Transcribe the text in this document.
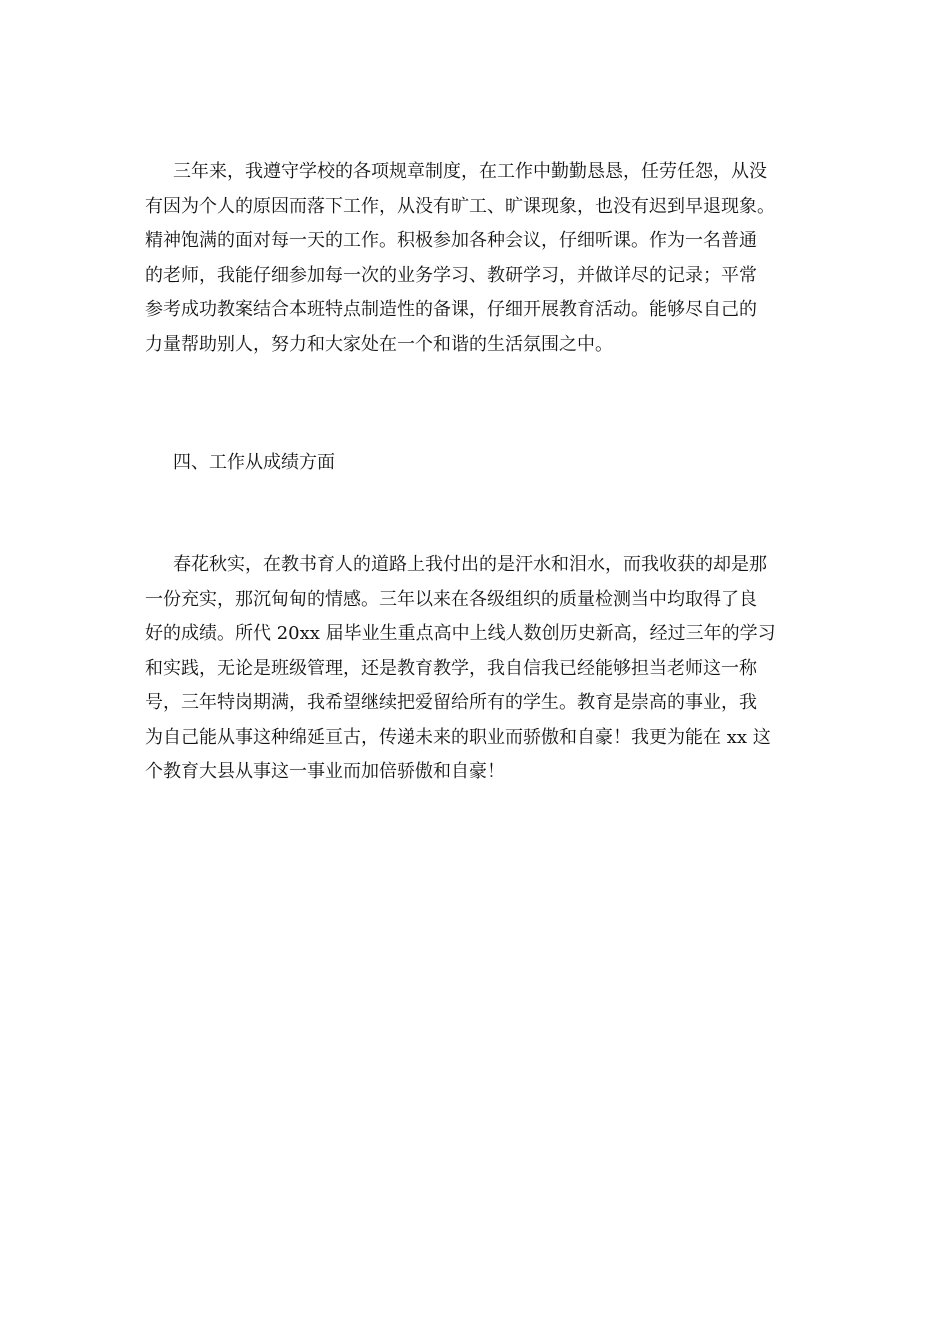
三年来，我遵守学校的各项规章制度，在工作中勤勤恳恳，任劳任怨，从没
有因为个人的原因而落下工作，从没有旷工、旷课现象，也没有迟到早退现象。
精神饱满的面对每一天的工作。积极参加各种会议，仔细听课。作为一名普通
的老师，我能仔细参加每一次的业务学习、教研学习，并做详尽的记录；平常
参考成功教案结合本班特点制造性的备课，仔细开展教育活动。能够尽自己的
力量帮助别人，努力和大家处在一个和谐的生活氛围之中。
四、工作从成绩方面
春花秋实，在教书育人的道路上我付出的是汗水和泪水，而我收获的却是那
一份充实，那沉甸甸的情感。三年以来在各级组织的质量检测当中均取得了良
好的成绩。所代 20xx 届毕业生重点高中上线人数创历史新高，经过三年的学习
和实践，无论是班级管理，还是教育教学，我自信我已经能够担当老师这一称
号，三年特岗期满，我希望继续把爱留给所有的学生。教育是崇高的事业，我
为自己能从事这种绵延亘古，传递未来的职业而骄傲和自豪！我更为能在 xx 这
个教育大县从事这一事业而加倍骄傲和自豪！
